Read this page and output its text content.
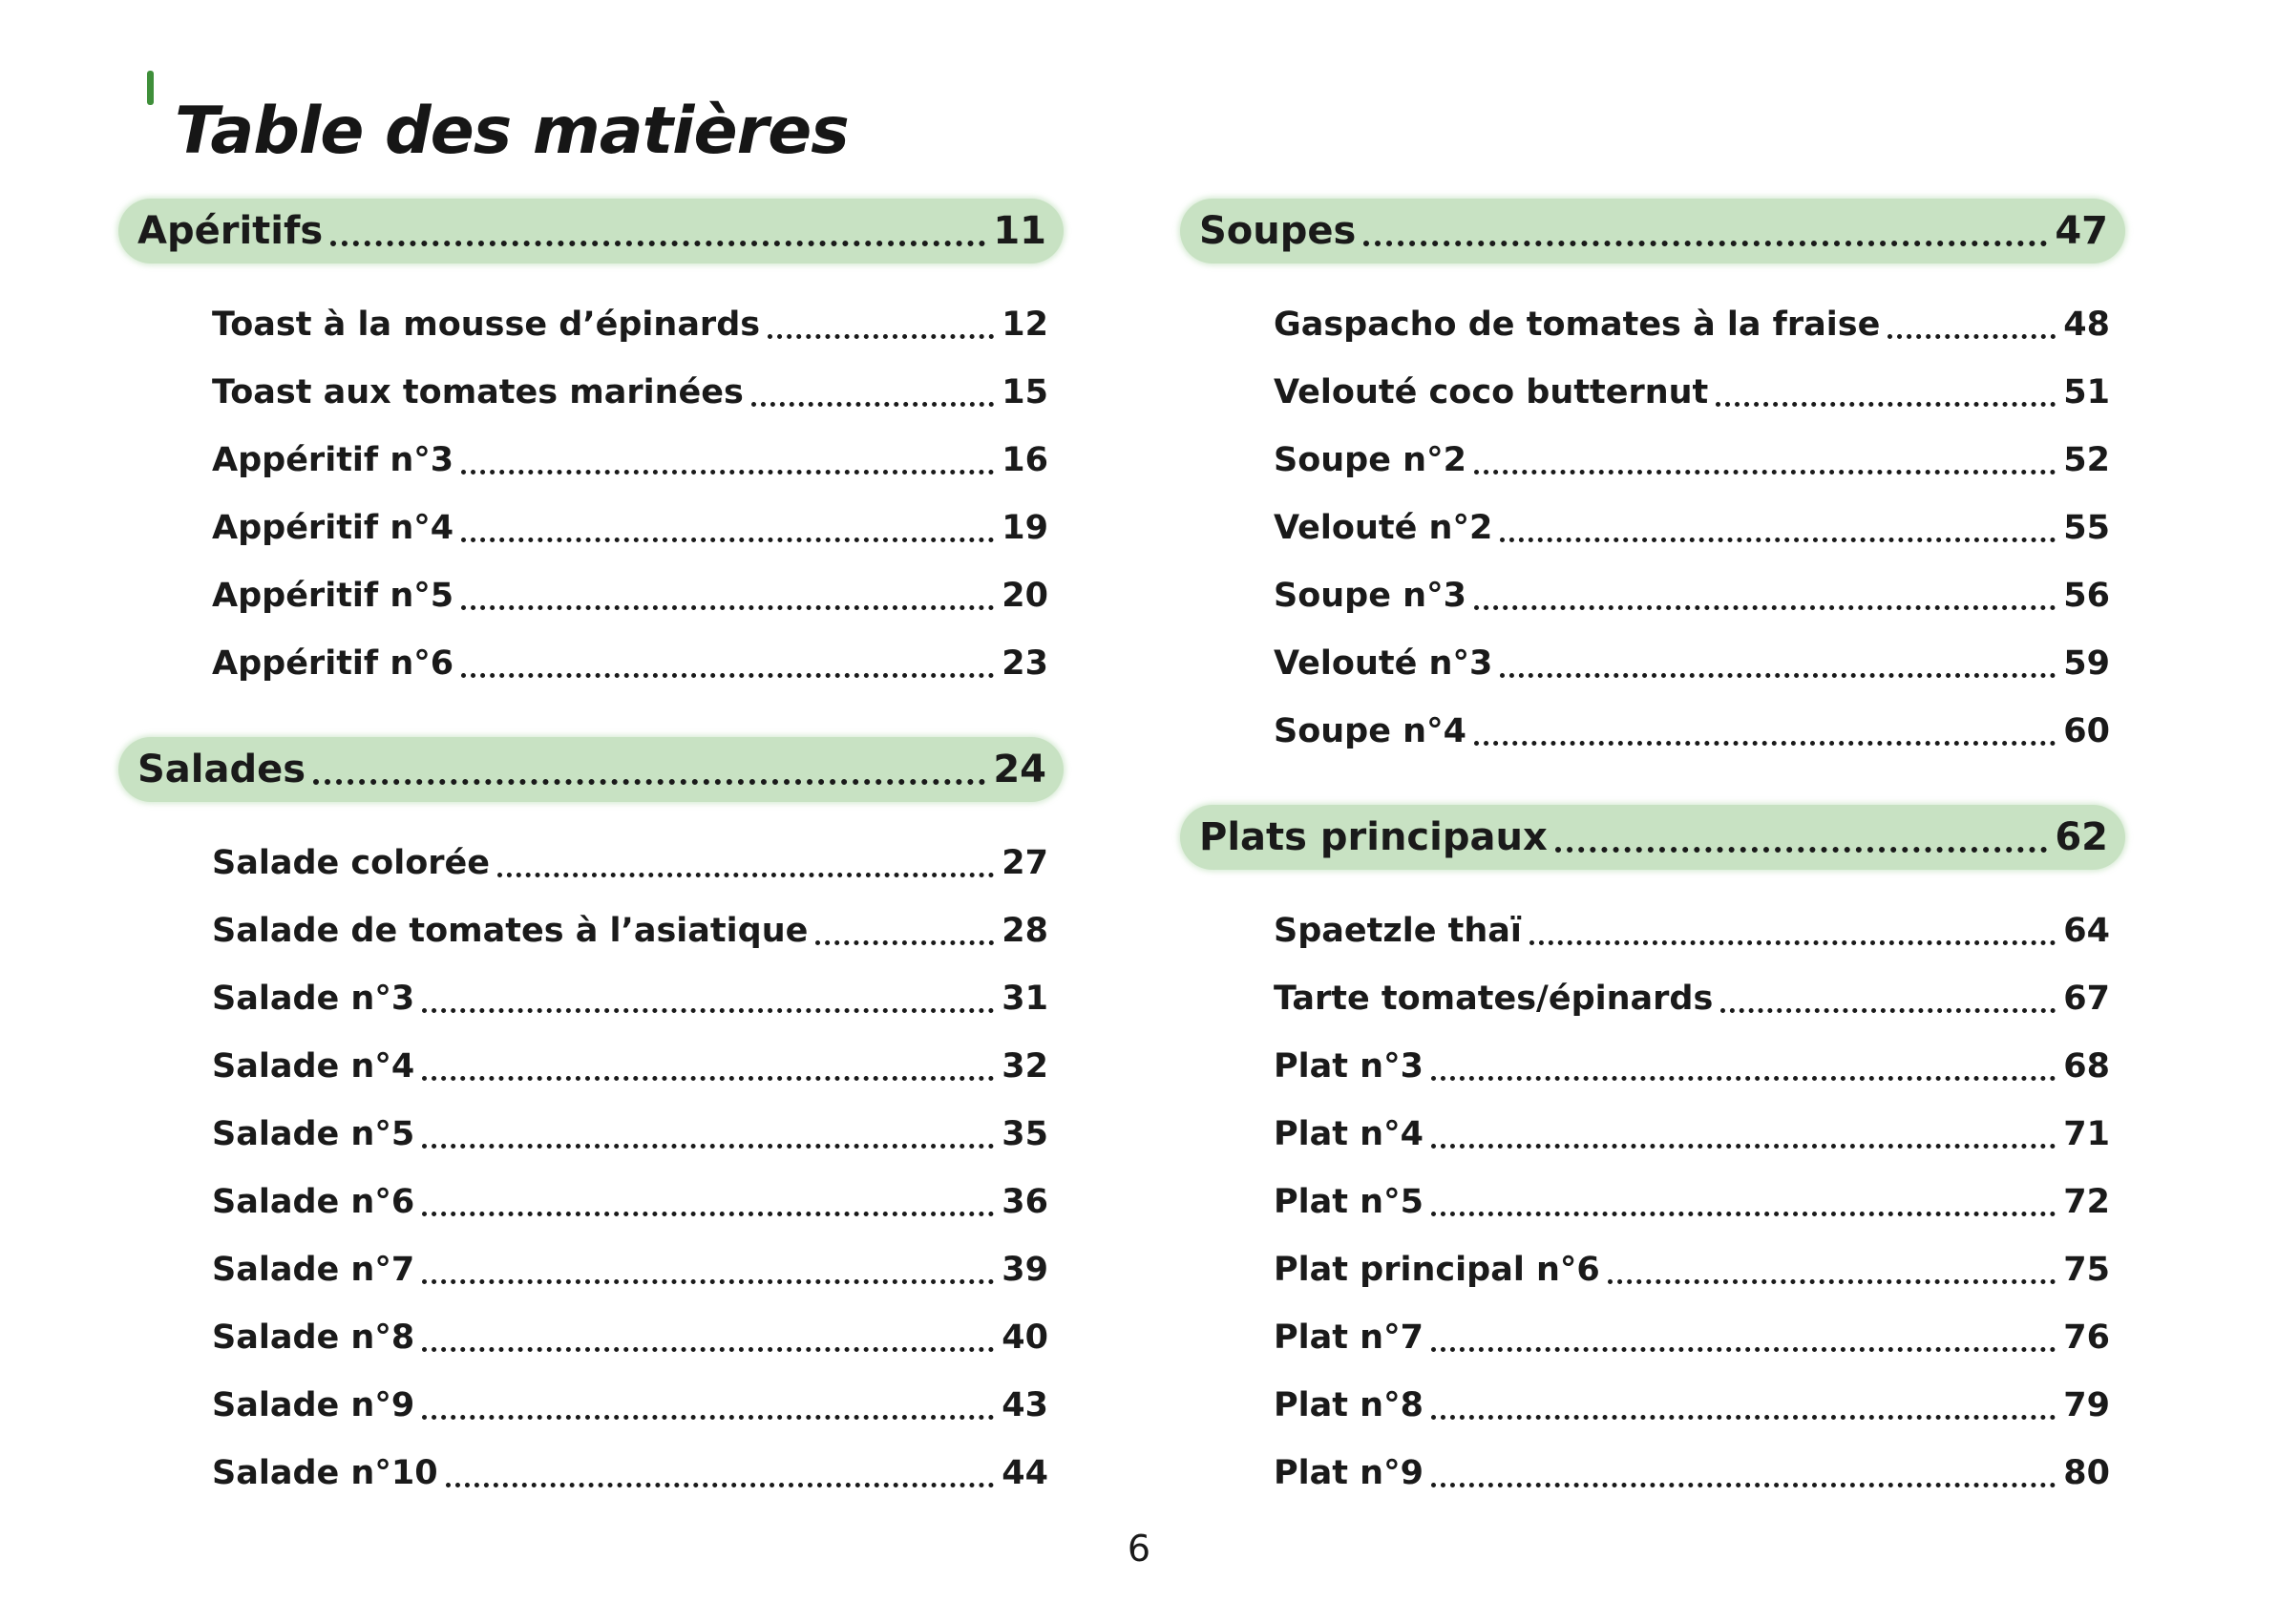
Table des matières
Apéritifs	11
Toast à la mousse d’épinards	12
Toast aux tomates marinées	15
Appéritif n°3	16
Appéritif n°4	19
Appéritif n°5	20
Appéritif n°6	23
Salades	24
Salade colorée	27
Salade de tomates à l’asiatique	28
Salade n°3	31
Salade n°4	32
Salade n°5	35
Salade n°6	36
Salade n°7	39
Salade n°8	40
Salade n°9	43
Salade n°10	44
Soupes	47
Gaspacho de tomates à la fraise	48
Velouté coco butternut	51
Soupe n°2	52
Velouté n°2	55
Soupe n°3	56
Velouté n°3	59
Soupe n°4	60
Plats principaux	62
Spaetzle thaï	64
Tarte tomates/épinards	67
Plat n°3	68
Plat n°4	71
Plat n°5	72
Plat principal n°6	75
Plat n°7	76
Plat n°8	79
Plat n°9	80
6
